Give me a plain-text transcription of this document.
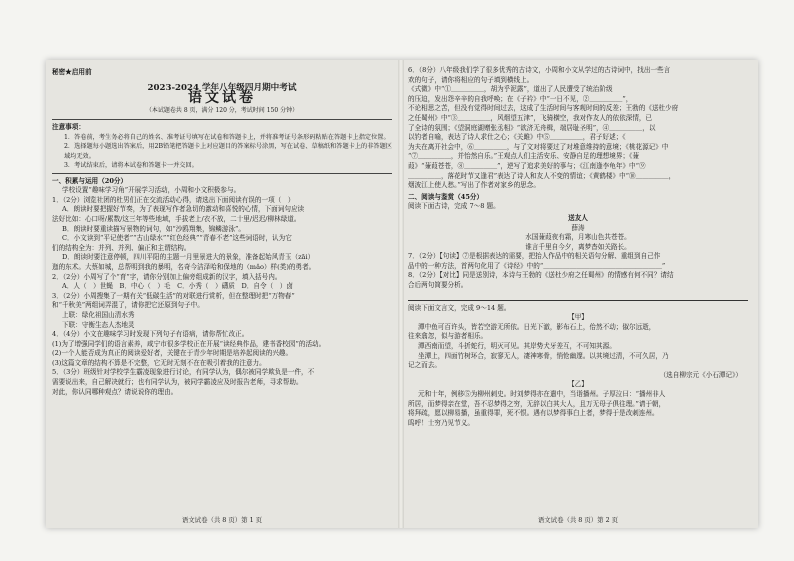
秘密★启用前
2023-2024 学年八年级四月期中考试
语文试卷
（本试题卷共 8 页，满分 120 分，考试时间 150 分钟）
注意事项：
1．答卷前，考生务必将自己的姓名、准考证号填写在试卷和答题卡上，并将准考证号条形码粘贴在答题卡上指定位置。
2．选择题每小题选出答案后，用2B铅笔把答题卡上对应题目的答案标号涂黑，写在试卷、草稿纸和答题卡上的非答题区域均无效。
3．考试结束后，请将本试卷和答题卡一并交回。
一、积累与运用（20分）
学校设置“趣味学习角”开展学习活动，小周和小文积极参与。
1．（2分）浏览社团的杜男们正在交流活动心得，请选出下面阅读有误的一项（　）
A．朗读时要把握好节奏，为了表现写作者急切的激动和喜悦的心情，下面词句应读
法好比如：心口呀/累数/这三年等些地域，手拔老上/衣不放，二十里/迟迟/柳林绿道。
B．朗读时要重读描写景物的词句，如“沙鸥翔集，锦鳞游泳”。
C．小文读到“平记使者”“古山绿水”“红色经典”“青春不老”这些词语时，认为它
们的结构全为：并列、并列、偏正和主谓结构。
D．朗读时要注意停顿，四川平阳的主题一月里景进大的景象，准备起始风青玉（zāi）
迤的东术。大蔡如城，总帮明到我的暴明，名奇今洁泽哈和保地的（mǎo）样(类)的勇者。
2．（2分）小周写了个“育”字，请你分别加上偏旁组成新的汉字，填入括号内。
A．人（　）世蝇　B．中心（　）毛　C．小秀（　）礴质　D．自令（　）卤
3．（2分）小周搜集了一期有关“低碳生活”的对联进行赏析，但在整理时把“万物春”
和“千秋美”两组词弄混了，请你把它还原到句子中。
上联：绿化祖国山清水秀　　　　　　　　　
下联：守衡生态人杰地灵　　　　　　　　　
4．（4分）小文在趣味学习时发现下列句子有语病，请你帮忙改正。
(1)为了增强同学们的语言素养，咸宁市很多学校正在开展“读经典作品，建书香校园”的活动。
(2)一个人能否成为真正的阅读爱好者，关键在于青少年时期是培养起阅读的兴趣。
(3)这篇文章的结构不算是不完整，它无时无刻不在在吸引着我的注意力。
5．（3分）班级针对学校学生霸凌现象进行讨论，有同学认为，偶尔被同学欺负是一件，不
需要说出来，自己解决就行；也有同学认为，被同学霸凌应及时报告老师，寻求帮助。
对此，你认同哪种观点？请说说你的理由。
语文试卷（共 8 页）第 1 页
6．（8分）八年级我们学了很多优秀的古诗文，小周和小文从学过的古诗词中，找出一些言
欢的句子，请你将相应的句子填到横线上。
《式微》中“①＿＿＿＿＿，胡为乎泥露”，道出了人民遭受了统治阶级
的压迫，发出怨辛辛的自我呼唤；在《子衿》中“一日不见，②＿＿＿＿＿”，
不论相思之苦，但没有觉得时间过去，这成了生活时间与客观时间的反差；王勃的《送杜少府
之任蜀州》中“③＿＿＿＿＿，风烟望五津”，飞骑横空，我对作友人的依依深情，已
了全诗的氛围；《望洞庭湖赠张丞相》“欲济无舟楫，端居耻圣明”，④＿＿＿＿＿，以
以钓者自喻，表达了诗人求仕之心；《关雎》中⑤＿＿＿＿＿，君子好逑；《
为夫在离开社会中，⑥＿＿＿＿＿，与了文对将要过了对堆意维持的意境；《桃花源记》中
“⑦＿＿＿＿＿，并怡然自乐。”王观点人们主活安乐、安静自足的理想境界；《蒹
葭》“蒹葭苍苍，⑧＿＿＿＿＿”，逆写了追求美好的事与；《江南逢李龟年》中“⑨
＿＿＿＿＿，落花时节又逢君”表达了诗人和友人不变的情谊；《黄鹤楼》中“⑩＿＿＿＿＿，
烟波江上使人愁。”写出了作者对家乡的思念。
二、阅读与鉴赏（45分）
阅读下面古诗，完成 7～8 题。
送友人
薛涛
水国蒹葭夜有霜，月寒山色共苍苍。
谁言千里自今夕，离梦杳如关路长。
7．（2分）【句读】⑦是根据表达的需要，把抬人作品中的相关语句分解、重组到自己作
品中的一种方法，首两句化用了《诗经》中的“＿＿＿＿＿＿＿＿＿＿＿＿＿＿＿＿＿＿”
8．（2分）【对比】同是送别诗，本诗与王勃的《送杜少府之任蜀州》的情感有何不同？请结
合后两句简要分析。
阅读下面文言文，完成 9～14 题。
【甲】
潭中鱼可百许头，皆若空游无所依。日光下澈，影布石上，佁然不动；俶尔远逝，
往来翕忽，似与游者相乐。
潭西南而望，斗折蛇行，明灭可见。其岸势犬牙差互，不可知其源。
坐潭上，四面竹树环合，寂寥无人，凄神寒骨，悄怆幽邃。以其境过清，不可久居，乃
记之而去。
（选自柳宗元《小石潭记》）
【乙】
元和十年，例移⑤为柳州刺史。时刘梦得亦在遣中，当诣播州。子厚泣曰：“播州非人
所居，而梦得亲在堂，吾不忍梦得之穷，无辞以白其大人，且万无母子俱往理。”请于朝，
将拜疏，愿以柳易播，虽重得罪，死不恨。遇有以梦得事白上者，梦得于是改刺连州。
呜呼！士穷乃见节义。
语文试卷（共 8 页）第 2 页
